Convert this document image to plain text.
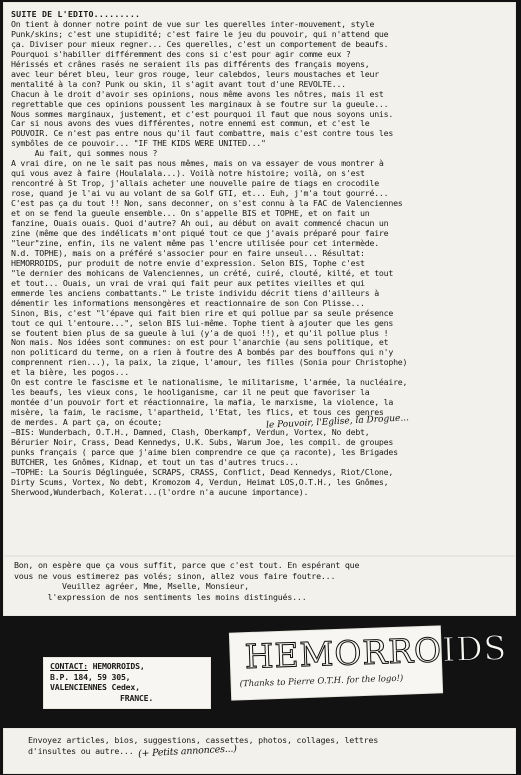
SUITE DE L'EDITO.........

On tient à donner notre point de vue sur les querelles inter-mouvement, style

Punk/skins; c'est une stupidité; c'est faire le jeu du pouvoir, qui n'attend que

ça. Diviser pour mieux regner... Ces querelles, c'est un comportement de beaufs.

Pourquoi s'habiller différemment des cons si c'est pour agir comme eux ?

Hérissés et crânes rasés ne seraient ils pas différents des français moyens,

avec leur béret bleu, leur gros rouge, leur calebdos, leurs moustaches et leur

mentalité à la con? Punk ou skin, il s'agit avant tout d'une REVOLTE...

Chacun à le droit d'avoir ses opinions, nous même avons les nôtres, mais il est

regrettable que ces opinions poussent les marginaux à se foutre sur la gueule...

Nous sommes marginaux, justement, et c'est pourquoi il faut que nous soyons unis.

Car si nous avons des vues différentes, notre ennemi est commun, et c'est le

POUVOIR. Ce n'est pas entre nous qu'il faut combattre, mais c'est contre tous les

symbôles de ce pouvoir... "IF THE KIDS WERE UNITED..."

Au fait, qui sommes nous ?

A vrai dire, on ne le sait pas nous mêmes, mais on va essayer de vous montrer à

qui vous avez à faire (Houlalala...). Voilà notre histoire; voilà, on s'est

rencontré à St Trop, j'allais acheter une nouvelle paire de tiags en crocodile

rose, quand je l'ai vu au volant de sa Golf GTI, et... Euh, j'm'a tout gourré...

C'est pas ça du tout !! Non, sans deconner, on s'est connu à la FAC de Valenciennes

et on se fend la gueule ensemble... On s'appelle BIS et TOPHE, et on fait un

fanzine, Ouais ouais. Quoi d'autre? Ah oui, au début on avait commencé chacun un

zine (même que des indélicats m'ont piqué tout ce que j'avais préparé pour faire

"leur"zine, enfin, ils ne valent même pas l'encre utilisée pour cet intermède.

N.d. TOPHE), mais on a préféré s'associer pour en faire unseul... Résultat:

HEMORROIDS, pur produit de notre envie d'expression. Selon BIS, Tophe c'est

"le dernier des mohicans de Valenciennes, un crété, cuiré, clouté, kilté, et tout

et tout... Ouais, un vrai de vrai qui fait peur aux petites vieilles et qui

emmerde les anciens combattants." Le triste individu décrit tiens d'ailleurs à

démentir les informations mensongères et reactionnaire de son Con Plisse...

Sinon, Bis, c'est "l'épave qui fait bien rire et qui pollue par sa seule présence

tout ce qui l'entoure...", selon BIS lui-même. Tophe tient à ajouter que les gens

se foutent bien plus de sa gueule à lui (y'a de quoi !!), et qu'il pollue plus !

Non mais. Nos idées sont communes: on est pour l'anarchie (au sens politique, et

non politicard du terme, on a rien à foutre des A bombés par des bouffons qui n'y

comprennent rien...), la paix, la zique, l'amour, les filles (Sonia pour Christophe)

et la bière, les pogos...

On est contre le fascisme et le nationalisme, le militarisme, l'armée, la nucléaire,

les beaufs, les vieux cons, le hooliganisme, car il ne peut que favoriser la

montée d'un pouvoir fort et réactionnaire, la mafia, le marxisme, la violence, la

misère, la faim, le racisme, l'apartheid, l'Etat, les flics, et tous ces genres

de merdes. A part ça, on écoute;

~BIS: Wunderbach, O.T.H., Damned, Clash, Oberkampf, Verdun, Vortex, No debt,

Bérurier Noir, Crass, Dead Kennedys, U.K. Subs, Warum Joe, les compil. de groupes

punks français ( parce que j'aime bien comprendre ce que ça raconte), les Brigades

BUTCHER, les Gnômes, Kidnap, et tout un tas d'autres trucs...

~TOPHE: La Souris Déglinguée, SCRAPS, CRASS, Conflict, Dead Kennedys, Riot/Clone,

Dirty Scums, Vortex, No debt, Kromozom 4, Verdun, Heimat LOS,O.T.H., les Gnômes,

Sherwood,Wunderbach, Kolerat...(l'ordre n'a aucune importance).

le Pouvoir, l'Eglise, la Drogue...

Bon, on espère que ça vous suffit, parce que c'est tout. En espérant que

vous ne vous estimerez pas volés; sinon, allez vous faire foutre...

Veuillez agréer, Mme, Mselle, Monsieur,

l'expression de nos sentiments les moins distingués...

HEMORROIDS
(Thanks to Pierre O.T.H. for the logo!)

CONTACT: HEMORROIDS,

B.P. 184, 59 305,

VALENCIENNES Cedex,

FRANCE.

Envoyez articles, bios, suggestions, cassettes, photos, collages, lettres

d'insultes ou autre... (+ Petits annonces...)
